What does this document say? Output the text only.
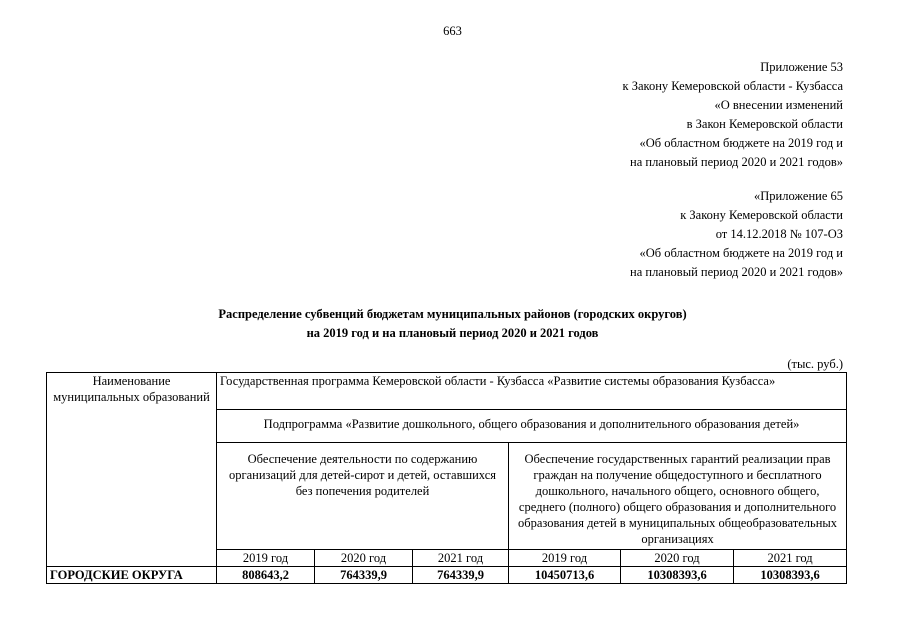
663
Приложение 53
к Закону Кемеровской области - Кузбасса
«О внесении изменений
в Закон Кемеровской области
«Об областном бюджете на 2019 год и
на плановый период 2020 и 2021 годов»
«Приложение 65
к Закону Кемеровской области
от 14.12.2018 № 107-ОЗ
«Об областном бюджете на 2019 год и
на плановый период 2020 и 2021 годов»
Распределение субвенций бюджетам муниципальных районов (городских округов)
на 2019 год и на плановый период 2020 и 2021 годов
(тыс. руб.)
Наименование муниципальных образований	Государственная программа Кемеровской области - Кузбасса «Развитие системы образования Кузбасса»					
	Подпрограмма «Развитие дошкольного, общего образования и дополнительного образования детей»					
	Обеспечение деятельности по содержанию организаций для детей-сирот и детей, оставшихся без попечения родителей			Обеспечение государственных гарантий реализации прав граждан на получение общедоступного и бесплатного дошкольного, начального общего, основного общего, среднего (полного) общего образования и дополнительного образования детей в муниципальных общеобразовательных организациях		
	2019 год	2020 год	2021 год	2019 год	2020 год	2021 год
ГОРОДСКИЕ ОКРУГА	808643,2	764339,9	764339,9	10450713,6	10308393,6	10308393,6
